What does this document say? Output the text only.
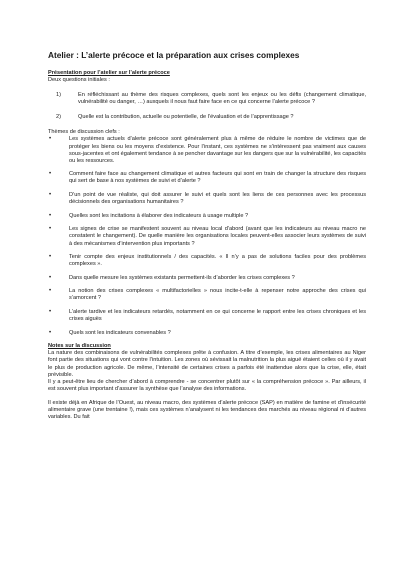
Atelier : L’alerte précoce et la préparation aux crises complexes
Présentation pour l’atelier sur l’alerte précoce

Deux questions initiales :

1)	En réfléchissant au thème des risques complexes, quels sont les enjeux ou les défis (changement climatique, vulnérabilité ou danger, …) auxquels il nous faut faire face en ce qui concerne l’alerte précoce ?

2)	Quelle est la contribution, actuelle ou potentielle, de l’évaluation et de l’apprentissage ?

Thèmes de discussion clefs :

•	Les systèmes actuels d’alerte précoce sont généralement plus à même de réduire le nombre de victimes que de protéger les biens ou les moyens d’existence. Pour l’instant, ces systèmes ne s’intéressent pas vraiment aux causes sous-jacentes et ont également tendance à se pencher davantage sur les dangers que sur la vulnérabilité, les capacités ou les ressources.

•	Comment faire face au changement climatique et autres facteurs qui sont en train de changer la structure des risques qui sert de base à nos systèmes de suivi et d’alerte ?

•	D’un point de vue réaliste, qui doit assurer le suivi et quels sont les liens de ces personnes avec les processus décisionnels des organisations humanitaires ?

•	Quelles sont les incitations à élaborer des indicateurs à usage multiple ?

•	Les signes de crise se manifestent souvent au niveau local d’abord (avant que les indicateurs au niveau macro ne constatent le changement). De quelle manière les organisations locales peuvent-elles associer leurs systèmes de suivi à des mécanismes d’intervention plus importants ?

•	Tenir compte des enjeux institutionnels / des capacités. « Il n’y a pas de solutions faciles pour des problèmes complexes ».

•	Dans quelle mesure les systèmes existants permettent-ils d’aborder les crises complexes ?

•	La notion des crises complexes « multifactorielles » nous incite-t-elle à repenser notre approche des crises qui s’amorcent ?

•	L’alerte tardive et les indicateurs retardés, notamment en ce qui concerne le rapport entre les crises chroniques et les crises aiguës

•	Quels sont les indicateurs convenables ?

Notes sur la discussion

La nature des combinaisons de vulnérabilités complexes prête à confusion. A titre d’exemple, les crises alimentaires au Niger font partie des situations qui vont contre l’intuition. Les zones où sévissait la malnutrition la plus aiguë étaient celles où il y avait le plus de production agricole. De même, l’intensité de certaines crises a parfois été inattendue alors que la crise, elle, était prévisible.

Il y a peut-être lieu de chercher d’abord à comprendre - se concentrer plutôt sur « la compréhension précoce ». Par ailleurs, il est souvent plus important d’assurer la synthèse que l’analyse des informations.

Il existe déjà en Afrique de l’Ouest, au niveau macro, des systèmes d’alerte précoce (SAP) en matière de famine et d’insécurité alimentaire grave (une trentaine !), mais ces systèmes n’analysent ni les tendances des marchés au niveau régional ni d’autres variables. Du fait
